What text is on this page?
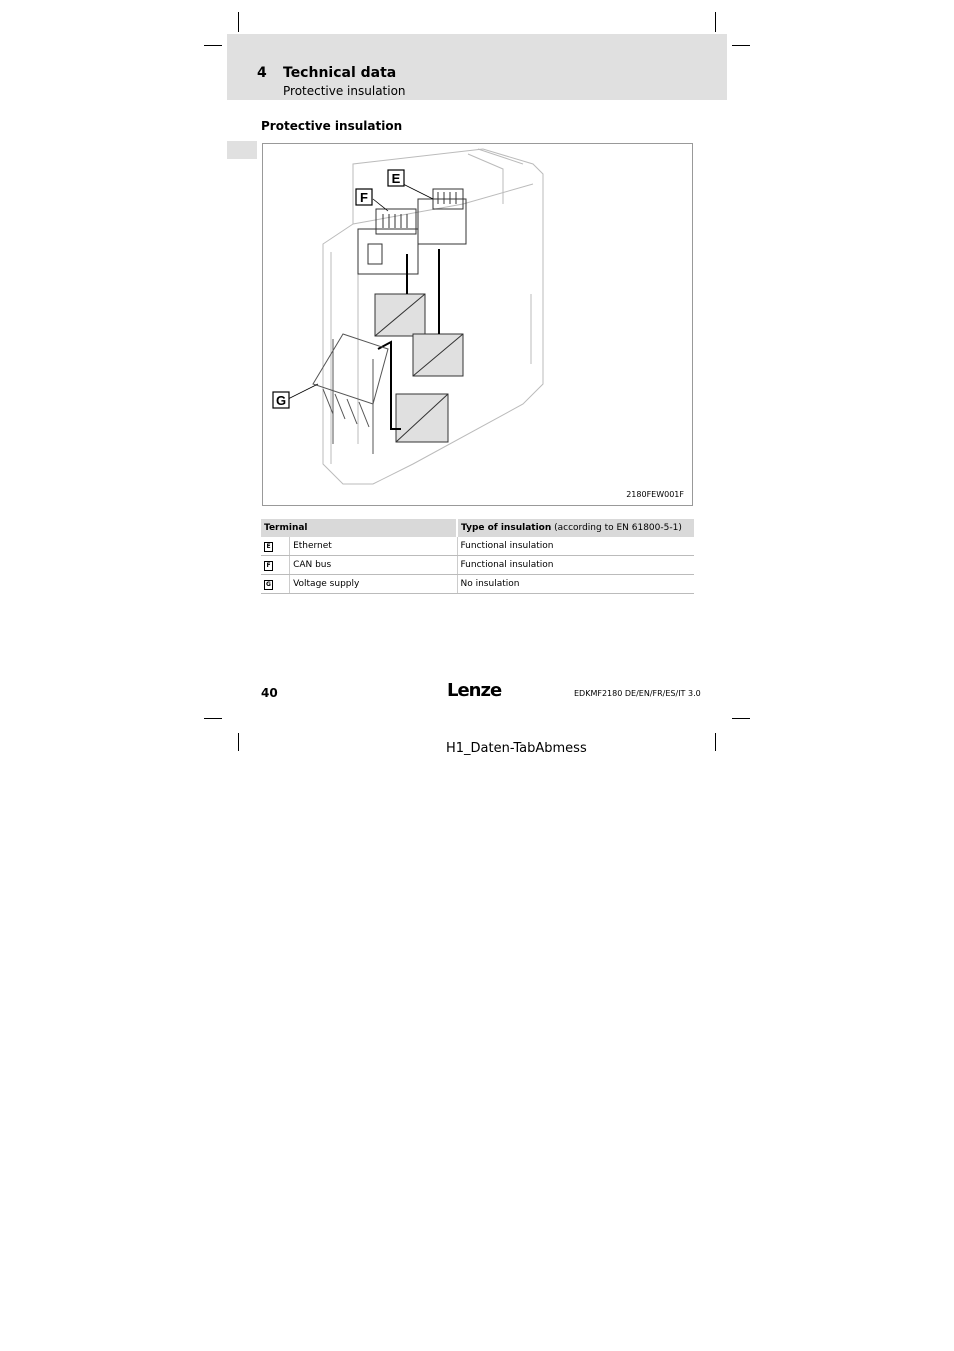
4 Technical data
Protective insulation
Protective insulation
E
F
G
2180FEW001F
Terminal		Type of insulation (according to EN 61800-5-1)
E	Ethernet	Functional insulation
F	CAN bus	Functional insulation
G	Voltage supply	No insulation
40	Lenze	EDKMF2180 DE/EN/FR/ES/IT 3.0
H1_Daten-TabAbmess
